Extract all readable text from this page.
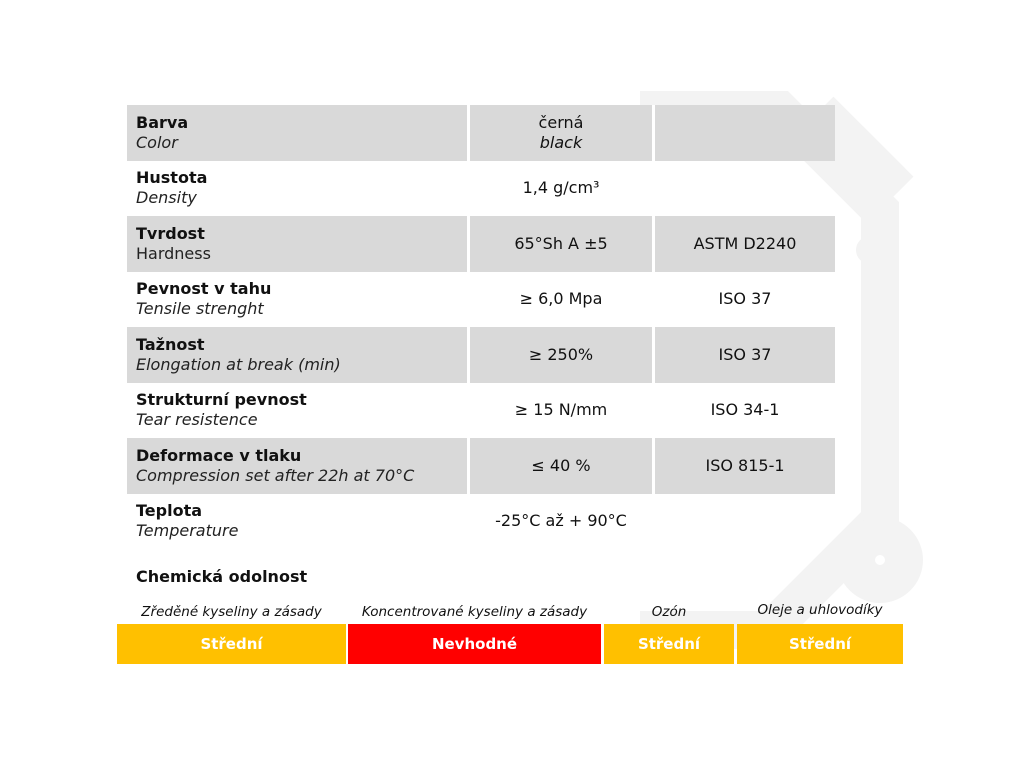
Barva
Color	černá
black	

Hustota
Density	1,4 g/cm³	

Tvrdost
Hardness	65°Sh A ±5	ASTM D2240

Pevnost v tahu
Tensile strenght	≥ 6,0 Mpa	ISO 37

Tažnost
Elongation at break (min)	≥ 250%	ISO 37

Strukturní pevnost
Tear resistence	≥ 15 N/mm	ISO 34-1

Deformace v tlaku
Compression set after 22h at 70°C	≤ 40 %	ISO 815-1

Teplota
Temperature	-25°C až + 90°C	

Chemická odolnost
Zředěné kyseliny a zásady	Koncentrované kyseliny a zásady	Ozón	Oleje a uhlovodíky
Střední	Nevhodné	Střední	Střední
